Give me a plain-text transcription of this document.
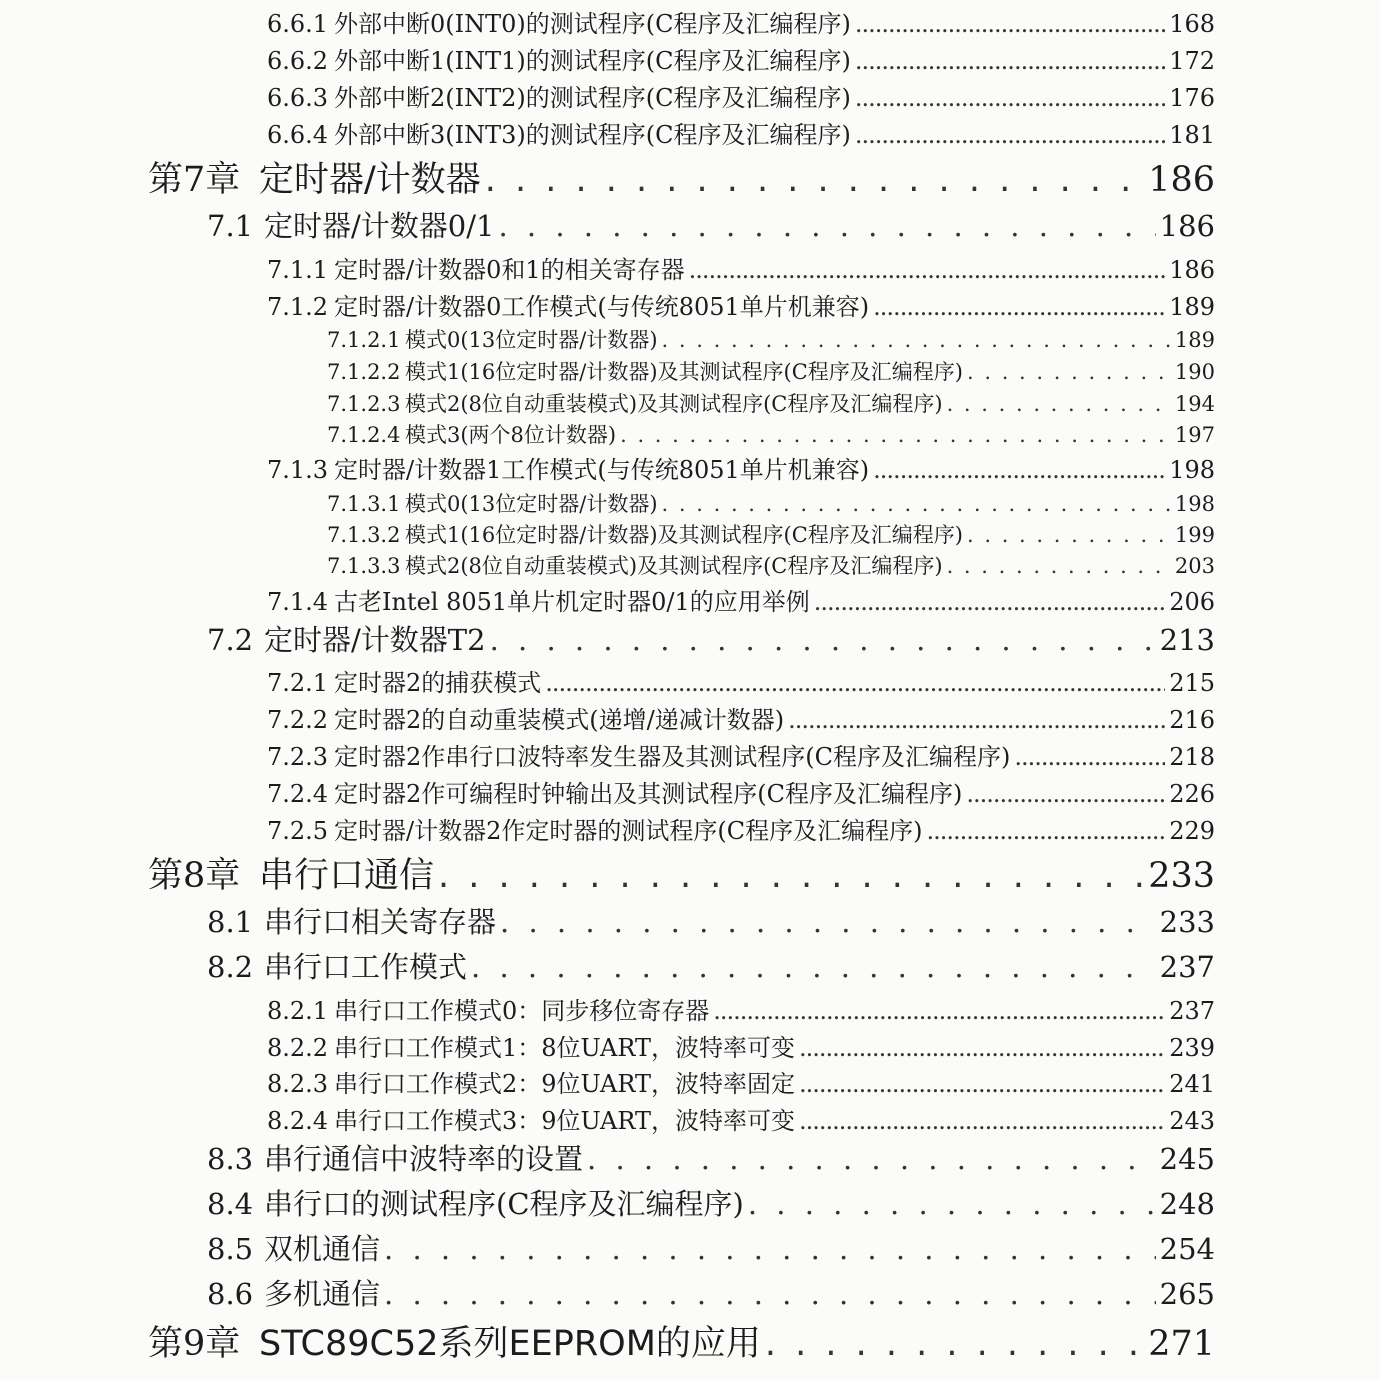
6.6.1 外部中断0(INT0)的测试程序(C程序及汇编程序) .....	168
6.6.2 外部中断1(INT1)的测试程序(C程序及汇编程序) .....	172
6.6.3 外部中断2(INT2)的测试程序(C程序及汇编程序) .....	176
6.6.4 外部中断3(INT3)的测试程序(C程序及汇编程序) .....	181
第7章 定时器/计数器 . . .	186
7.1 定时器/计数器0/1 . . .	186
7.1.1 定时器/计数器0和1的相关寄存器 .....	186
7.1.2 定时器/计数器0工作模式(与传统8051单片机兼容) .....	189
7.1.2.1 模式0(13位定时器/计数器) . . .	189
7.1.2.2 模式1(16位定时器/计数器)及其测试程序(C程序及汇编程序) . . .	190
7.1.2.3 模式2(8位自动重装模式)及其测试程序(C程序及汇编程序) . . .	194
7.1.2.4 模式3(两个8位计数器) . . .	197
7.1.3 定时器/计数器1工作模式(与传统8051单片机兼容) .....	198
7.1.3.1 模式0(13位定时器/计数器) . . .	198
7.1.3.2 模式1(16位定时器/计数器)及其测试程序(C程序及汇编程序) . . .	199
7.1.3.3 模式2(8位自动重装模式)及其测试程序(C程序及汇编程序) . . .	203
7.1.4 古老Intel 8051单片机定时器0/1的应用举例 .....	206
7.2 定时器/计数器T2 . . .	213
7.2.1 定时器2的捕获模式 .....	215
7.2.2 定时器2的自动重装模式(递增/递减计数器) .....	216
7.2.3 定时器2作串行口波特率发生器及其测试程序(C程序及汇编程序) .....	218
7.2.4 定时器2作可编程时钟输出及其测试程序(C程序及汇编程序) .....	226
7.2.5 定时器/计数器2作定时器的测试程序(C程序及汇编程序) .....	229
第8章 串行口通信 . . .	233
8.1 串行口相关寄存器 . . .	233
8.2 串行口工作模式 . . .	237
8.2.1 串行口工作模式0：同步移位寄存器 .....	237
8.2.2 串行口工作模式1：8位UART，波特率可变 .....	239
8.2.3 串行口工作模式2：9位UART，波特率固定 .....	241
8.2.4 串行口工作模式3：9位UART，波特率可变 .....	243
8.3 串行通信中波特率的设置 . . .	245
8.4 串行口的测试程序(C程序及汇编程序) . . .	248
8.5 双机通信 . . .	254
8.6 多机通信 . . .	265
第9章 STC89C52系列EEPROM的应用 . . .	271
